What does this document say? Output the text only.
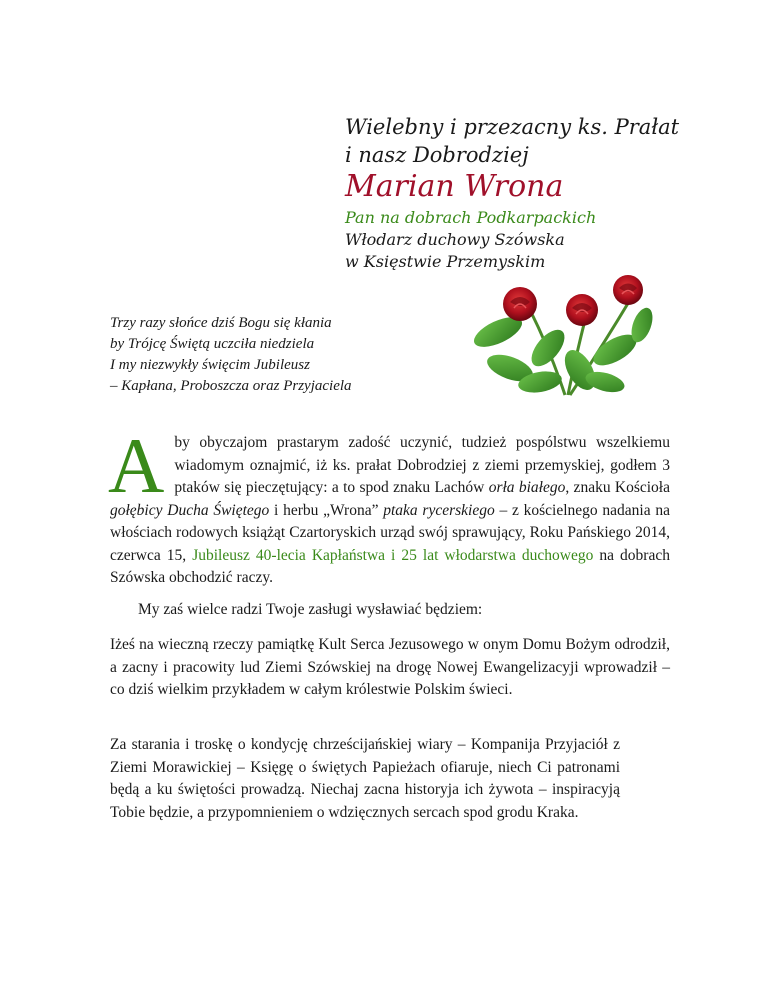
Wielebny i przezacny ks. Prałat
i nasz Dobrodziej
Marian Wrona
Pan na dobrach Podkarpackich
Włodarz duchowy Szówska
w Księstwie Przemyskim
Trzy razy słońce dziś Bogu się kłania
by Trójcę Świętą uczciła niedziela
I my niezwykły święcim Jubileusz
– Kapłana, Proboszcza oraz Przyjaciela
Aby obyczajom prastarym zadość uczynić, tudzież pospólstwu wszelkiemu wiadomym oznajmić, iż ks. prałat Dobrodziej z ziemi przemyskiej, godłem 3 ptaków się pieczętujący: a to spod znaku Lachów orła białego, znaku Kościoła gołębicy Ducha Świętego i herbu „Wrona” ptaka rycerskiego – z kościelnego nadania na włościach rodowych książąt Czartoryskich urząd swój sprawujący, Roku Pańskiego 2014, czerwca 15, Jubileusz 40-lecia Kapłaństwa i 25 lat włodarstwa duchowego na dobrach Szówska obchodzić raczy.
My zaś wielce radzi Twoje zasługi wysławiać będziem:
Iżeś na wieczną rzeczy pamiątkę Kult Serca Jezusowego w onym Domu Bożym odrodził, a zacny i pracowity lud Ziemi Szówskiej na drogę Nowej Ewangelizacyji wprowadził – co dziś wielkim przykładem w całym królestwie Polskim świeci.
Za starania i troskę o kondycję chrześcijańskiej wiary – Kompanija Przyjaciół z Ziemi Morawickiej – Księgę o świętych Papieżach ofiaruje, niech Ci patronami będą a ku świętości prowadzą. Niechaj zacna historyja ich żywota – inspiracyją Tobie będzie, a przypomnieniem o wdzięcznych sercach spod grodu Kraka.
